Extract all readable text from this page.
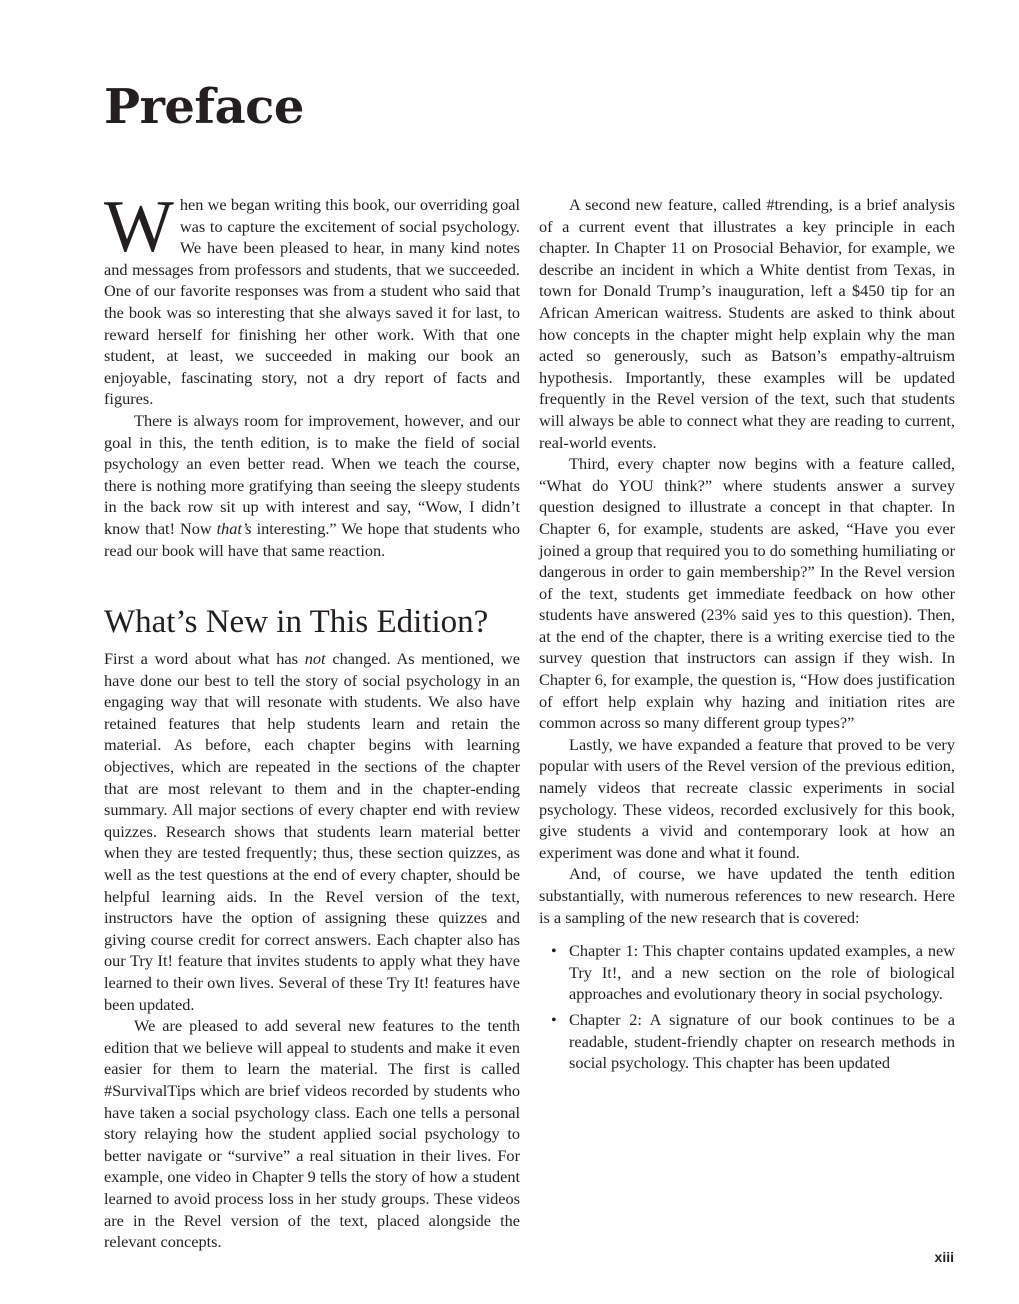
Preface

When we began writing this book, our overriding goal was to capture the excitement of social psychology. We have been pleased to hear, in many kind notes and messages from professors and students, that we succeeded. One of our favorite responses was from a student who said that the book was so interesting that she always saved it for last, to reward herself for finishing her other work. With that one student, at least, we succeeded in making our book an enjoyable, fascinating story, not a dry report of facts and figures.

There is always room for improvement, however, and our goal in this, the tenth edition, is to make the field of social psychology an even better read. When we teach the course, there is nothing more gratifying than seeing the sleepy students in the back row sit up with interest and say, “Wow, I didn’t know that! Now that’s interesting.” We hope that students who read our book will have that same reaction.

What’s New in This Edition?

First a word about what has not changed. As mentioned, we have done our best to tell the story of social psychology in an engaging way that will resonate with students. We also have retained features that help students learn and retain the material. As before, each chapter begins with learning objectives, which are repeated in the sections of the chapter that are most relevant to them and in the chapter-ending summary. All major sections of every chapter end with review quizzes. Research shows that students learn material better when they are tested frequently; thus, these section quizzes, as well as the test questions at the end of every chapter, should be helpful learning aids. In the Revel version of the text, instructors have the option of assigning these quizzes and giving course credit for correct answers. Each chapter also has our Try It! feature that invites students to apply what they have learned to their own lives. Several of these Try It! features have been updated.

We are pleased to add several new features to the tenth edition that we believe will appeal to students and make it even easier for them to learn the material. The first is called #SurvivalTips which are brief videos recorded by students who have taken a social psychology class. Each one tells a personal story relaying how the student applied social psychology to better navigate or “survive” a real situation in their lives. For example, one video in Chapter 9 tells the story of how a student learned to avoid process loss in her study groups. These videos are in the Revel version of the text, placed alongside the relevant concepts.

A second new feature, called #trending, is a brief analysis of a current event that illustrates a key principle in each chapter. In Chapter 11 on Prosocial Behavior, for example, we describe an incident in which a White dentist from Texas, in town for Donald Trump’s inauguration, left a $450 tip for an African American waitress. Students are asked to think about how concepts in the chapter might help explain why the man acted so generously, such as Batson’s empathy-altruism hypothesis. Importantly, these examples will be updated frequently in the Revel version of the text, such that students will always be able to connect what they are reading to current, real-world events.

Third, every chapter now begins with a feature called, “What do YOU think?” where students answer a survey question designed to illustrate a concept in that chapter. In Chapter 6, for example, students are asked, “Have you ever joined a group that required you to do something humiliating or dangerous in order to gain membership?” In the Revel version of the text, students get immediate feedback on how other students have answered (23% said yes to this question). Then, at the end of the chapter, there is a writing exercise tied to the survey question that instructors can assign if they wish. In Chapter 6, for example, the question is, “How does justification of effort help explain why hazing and initiation rites are common across so many different group types?”

Lastly, we have expanded a feature that proved to be very popular with users of the Revel version of the previous edition, namely videos that recreate classic experiments in social psychology. These videos, recorded exclusively for this book, give students a vivid and contemporary look at how an experiment was done and what it found.

And, of course, we have updated the tenth edition substantially, with numerous references to new research. Here is a sampling of the new research that is covered:

• Chapter 1: This chapter contains updated examples, a new Try It!, and a new section on the role of biological approaches and evolutionary theory in social psychology.
• Chapter 2: A signature of our book continues to be a readable, student-friendly chapter on research methods in social psychology. This chapter has been updated
xiii
